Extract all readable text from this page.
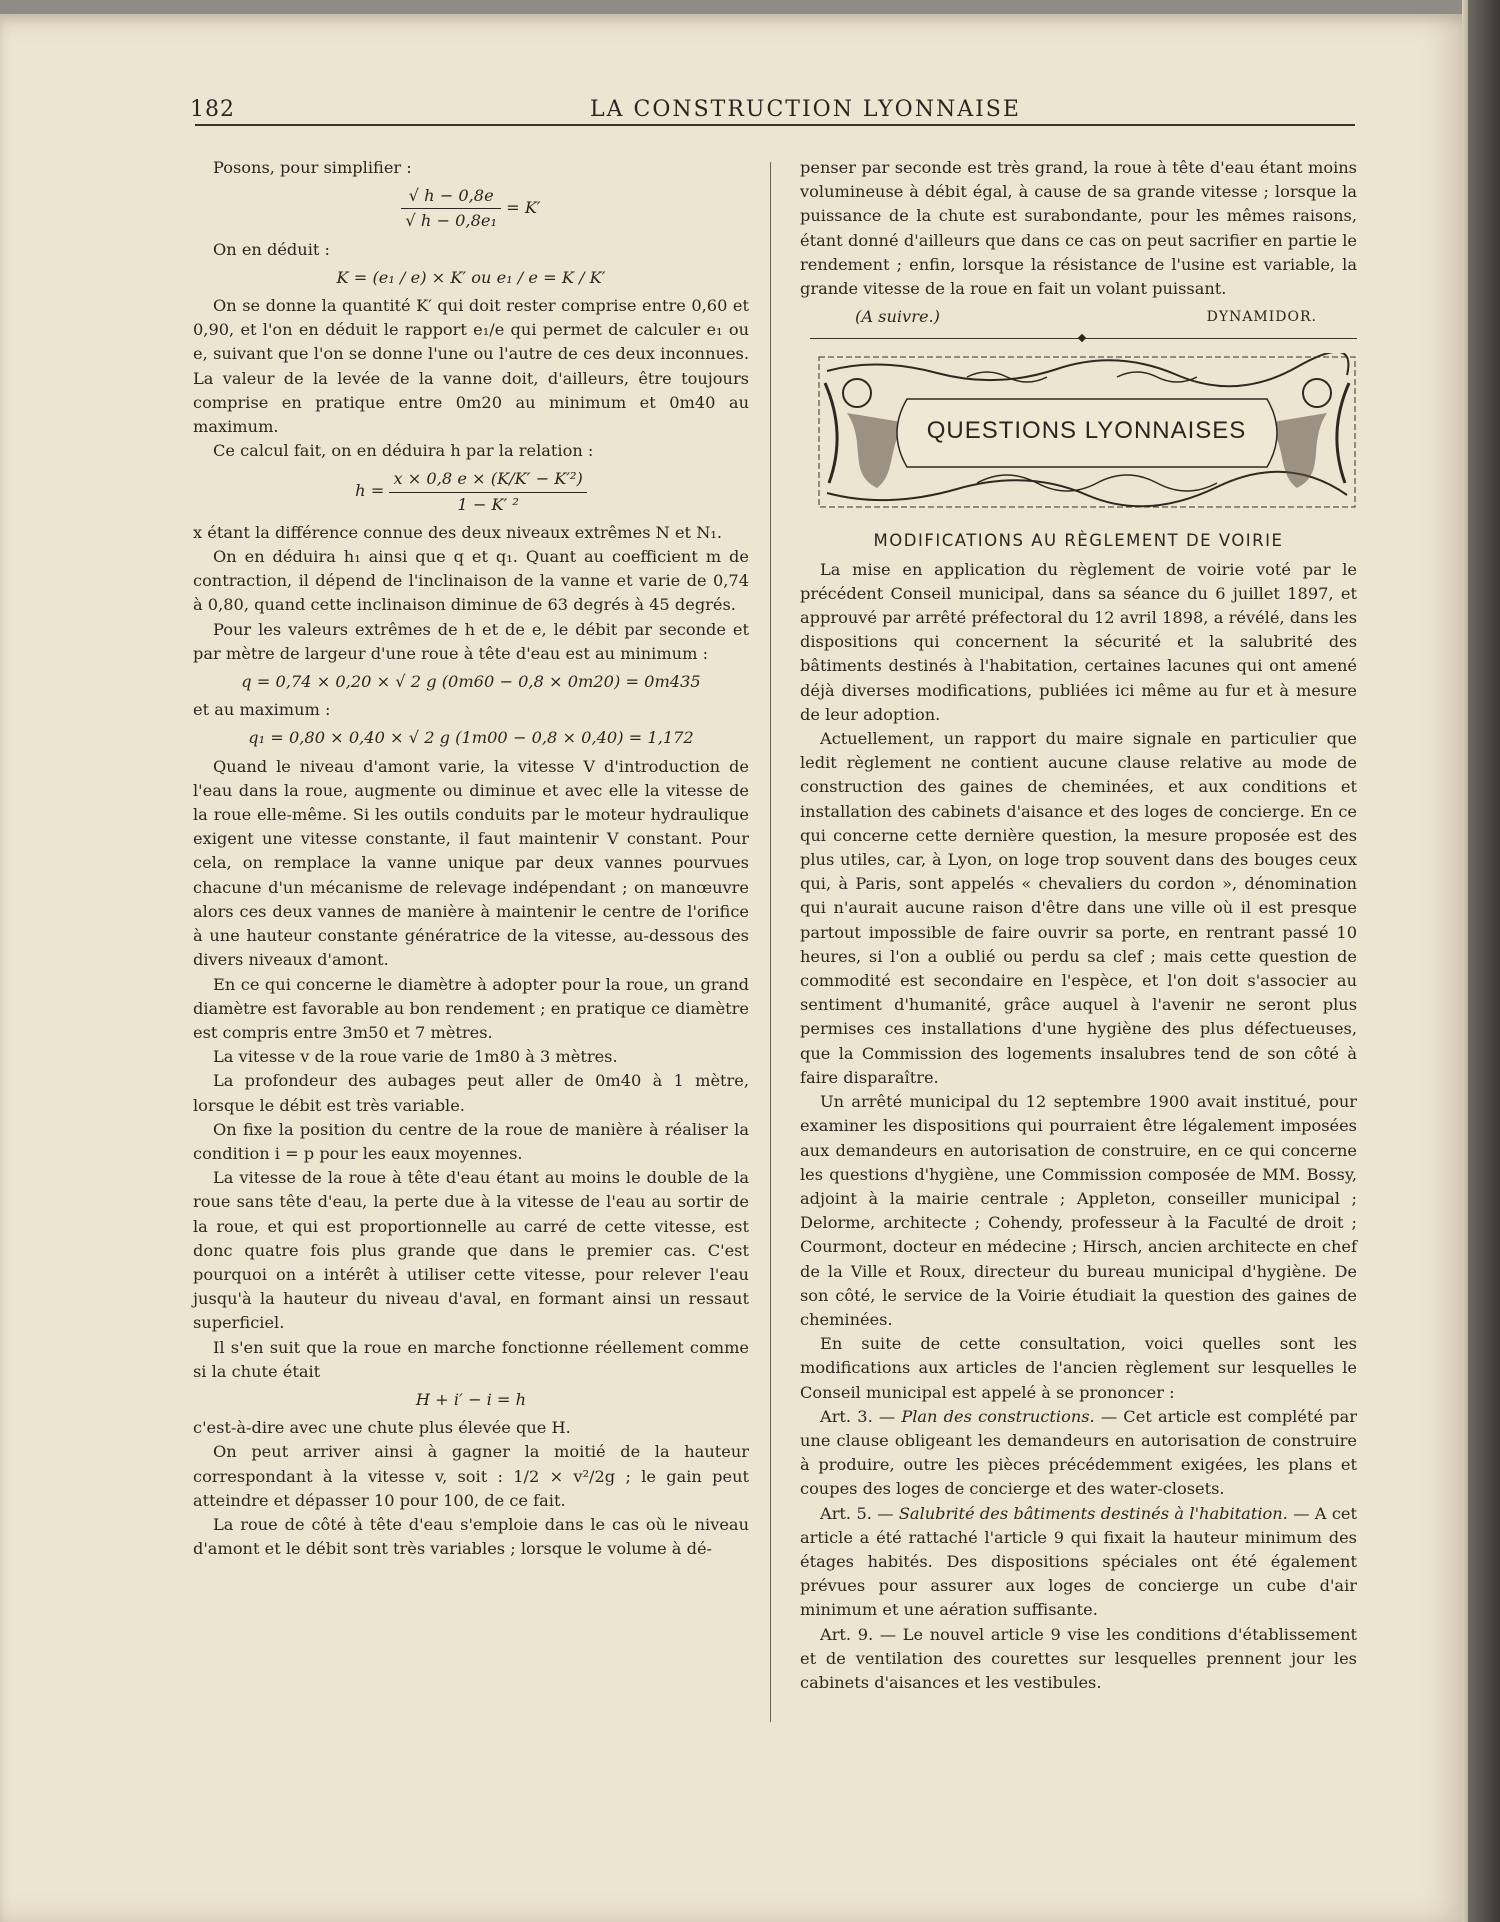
182	LA CONSTRUCTION LYONNAISE

Posons, pour simplifier :

$\frac{√ h - 0,8e}{\text{√ h − 0,8e₁}} = K'$

On en déduit :

K = (e₁ / e) × K′ ou e₁ / e = K / K′

On se donne la quantité K′ qui doit rester comprise entre 0,60 et 0,90, et l'on en déduit le rapport e₁/e qui permet de calculer e₁ ou e, suivant que l'on se donne l'une ou l'autre de ces deux inconnues. La valeur de la levée de la vanne doit, d'ailleurs, être toujours comprise en pratique entre 0m20 au minimum et 0m40 au maximum.

Ce calcul fait, on en déduira h par la relation :

$h = \frac{\text{x × 0,8 e × (K/K′ − K′²)}}{\text{1 − K′ ²}}$

x étant la différence connue des deux niveaux extrêmes N et N₁.

On en déduira h₁ ainsi que q et q₁. Quant au coefficient m de contraction, il dépend de l'inclinaison de la vanne et varie de 0,74 à 0,80, quand cette inclinaison diminue de 63 degrés à 45 degrés.

Pour les valeurs extrêmes de h et de e, le débit par seconde et par mètre de largeur d'une roue à tête d'eau est au minimum :

q = 0,74 × 0,20 × √ 2 g (0m60 − 0,8 × 0m20) = 0m435

et au maximum :

q₁ = 0,80 × 0,40 × √ 2 g (1m00 − 0,8 × 0,40) = 1,172

Quand le niveau d'amont varie, la vitesse V d'introduction de l'eau dans la roue, augmente ou diminue et avec elle la vitesse de la roue elle-même. Si les outils conduits par le moteur hydraulique exigent une vitesse constante, il faut maintenir V constant. Pour cela, on remplace la vanne unique par deux vannes pourvues chacune d'un mécanisme de relevage indépendant ; on manœuvre alors ces deux vannes de manière à maintenir le centre de l'orifice à une hauteur constante génératrice de la vitesse, au-dessous des divers niveaux d'amont.

En ce qui concerne le diamètre à adopter pour la roue, un grand diamètre est favorable au bon rendement ; en pratique ce diamètre est compris entre 3m50 et 7 mètres.

La vitesse v de la roue varie de 1m80 à 3 mètres.

La profondeur des aubages peut aller de 0m40 à 1 mètre, lorsque le débit est très variable.

On fixe la position du centre de la roue de manière à réaliser la condition i = p pour les eaux moyennes.

La vitesse de la roue à tête d'eau étant au moins le double de la roue sans tête d'eau, la perte due à la vitesse de l'eau au sortir de la roue, et qui est proportionnelle au carré de cette vitesse, est donc quatre fois plus grande que dans le premier cas. C'est pourquoi on a intérêt à utiliser cette vitesse, pour relever l'eau jusqu'à la hauteur du niveau d'aval, en formant ainsi un ressaut superficiel.

Il s'en suit que la roue en marche fonctionne réellement comme si la chute était

H + i′ − i = h

c'est-à-dire avec une chute plus élevée que H.

On peut arriver ainsi à gagner la moitié de la hauteur correspondant à la vitesse v, soit : 1/2 × v²/2g ; le gain peut atteindre et dépasser 10 pour 100, de ce fait.

La roue de côté à tête d'eau s'emploie dans le cas où le niveau d'amont et le débit sont très variables ; lorsque le volume à dé-

penser par seconde est très grand, la roue à tête d'eau étant moins volumineuse à débit égal, à cause de sa grande vitesse ; lorsque la puissance de la chute est surabondante, pour les mêmes raisons, étant donné d'ailleurs que dans ce cas on peut sacrifier en partie le rendement ; enfin, lorsque la résistance de l'usine est variable, la grande vitesse de la roue en fait un volant puissant.

(A suivre.)	DYNAMIDOR.
QUESTIONS LYONNAISES
MODIFICATIONS AU RÈGLEMENT DE VOIRIE

La mise en application du règlement de voirie voté par le précédent Conseil municipal, dans sa séance du 6 juillet 1897, et approuvé par arrêté préfectoral du 12 avril 1898, a révélé, dans les dispositions qui concernent la sécurité et la salubrité des bâtiments destinés à l'habitation, certaines lacunes qui ont amené déjà diverses modifications, publiées ici même au fur et à mesure de leur adoption.

Actuellement, un rapport du maire signale en particulier que ledit règlement ne contient aucune clause relative au mode de construction des gaines de cheminées, et aux conditions et installation des cabinets d'aisance et des loges de concierge. En ce qui concerne cette dernière question, la mesure proposée est des plus utiles, car, à Lyon, on loge trop souvent dans des bouges ceux qui, à Paris, sont appelés « chevaliers du cordon », dénomination qui n'aurait aucune raison d'être dans une ville où il est presque partout impossible de faire ouvrir sa porte, en rentrant passé 10 heures, si l'on a oublié ou perdu sa clef ; mais cette question de commodité est secondaire en l'espèce, et l'on doit s'associer au sentiment d'humanité, grâce auquel à l'avenir ne seront plus permises ces installations d'une hygiène des plus défectueuses, que la Commission des logements insalubres tend de son côté à faire disparaître.

Un arrêté municipal du 12 septembre 1900 avait institué, pour examiner les dispositions qui pourraient être légalement imposées aux demandeurs en autorisation de construire, en ce qui concerne les questions d'hygiène, une Commission composée de MM. Bossy, adjoint à la mairie centrale ; Appleton, conseiller municipal ; Delorme, architecte ; Cohendy, professeur à la Faculté de droit ; Courmont, docteur en médecine ; Hirsch, ancien architecte en chef de la Ville et Roux, directeur du bureau municipal d'hygiène. De son côté, le service de la Voirie étudiait la question des gaines de cheminées.

En suite de cette consultation, voici quelles sont les modifications aux articles de l'ancien règlement sur lesquelles le Conseil municipal est appelé à se prononcer :

Art. 3. — Plan des constructions. — Cet article est complété par une clause obligeant les demandeurs en autorisation de construire à produire, outre les pièces précédemment exigées, les plans et coupes des loges de concierge et des water-closets.

Art. 5. — Salubrité des bâtiments destinés à l'habitation. — A cet article a été rattaché l'article 9 qui fixait la hauteur minimum des étages habités. Des dispositions spéciales ont été également prévues pour assurer aux loges de concierge un cube d'air minimum et une aération suffisante.

Art. 9. — Le nouvel article 9 vise les conditions d'établissement et de ventilation des courettes sur lesquelles prennent jour les cabinets d'aisances et les vestibules.
